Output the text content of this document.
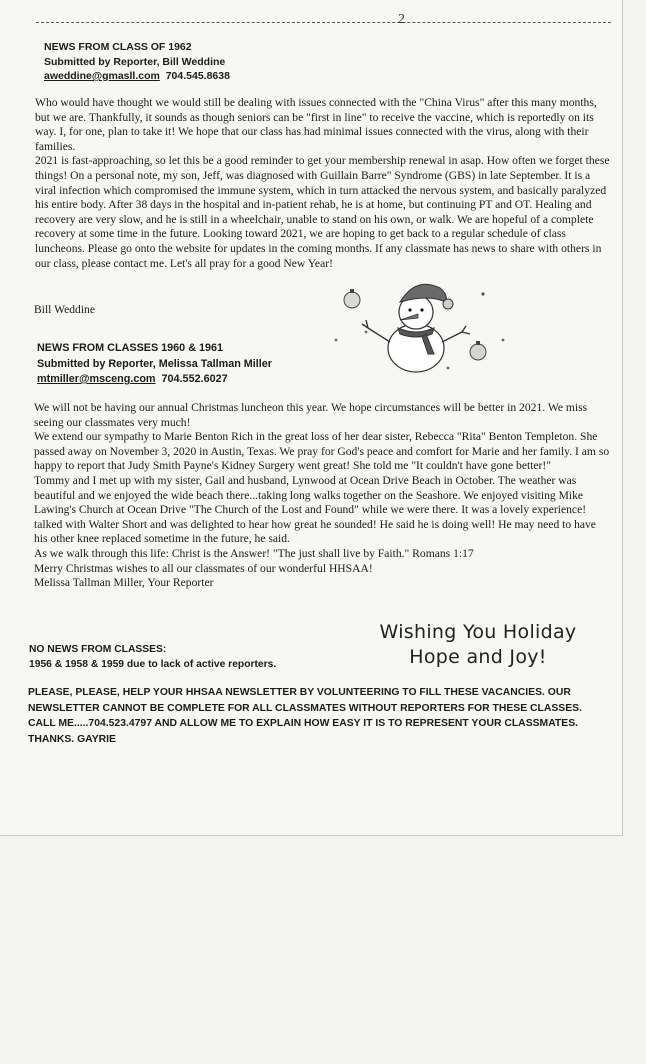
2
NEWS FROM CLASS OF 1962
Submitted by Reporter, Bill Weddine
aweddine@gmasll.com 704.545.8638

Who would have thought we would still be dealing with issues connected with the "China Virus" after this many months, but we are. Thankfully, it sounds as though seniors can be "first in line" to receive the vaccine, which is reportedly on its way. I, for one, plan to take it! We hope that our class has had minimal issues connected with the virus, along with their families.

2021 is fast-approaching, so let this be a good reminder to get your membership renewal in asap. How often we forget these things! On a personal note, my son, Jeff, was diagnosed with Guillain Barre" Syndrome (GBS) in late September. It is a viral infection which compromised the immune system, which in turn attacked the nervous system, and basically paralyzed his entire body. After 38 days in the hospital and in-patient rehab, he is at home, but continuing PT and OT. Healing and recovery are very slow, and he is still in a wheelchair, unable to stand on his own, or walk. We are hopeful of a complete recovery at some time in the future. Looking toward 2021, we are hoping to get back to a regular schedule of class luncheons. Please go onto the website for updates in the coming months. If any classmate has news to share with others in our class, please contact me. Let's all pray for a good New Year!

Bill Weddine
NEWS FROM CLASSES 1960 & 1961
Submitted by Reporter, Melissa Tallman Miller
mtmiller@msceng.com 704.552.6027

We will not be having our annual Christmas luncheon this year. We hope circumstances will be better in 2021. We miss seeing our classmates very much!

We extend our sympathy to Marie Benton Rich in the great loss of her dear sister, Rebecca "Rita" Benton Templeton. She passed away on November 3, 2020 in Austin, Texas. We pray for God's peace and comfort for Marie and her family. I am so happy to report that Judy Smith Payne's Kidney Surgery went great! She told me "It couldn't have gone better!"

Tommy and I met up with my sister, Gail and husband, Lynwood at Ocean Drive Beach in October. The weather was beautiful and we enjoyed the wide beach there...taking long walks together on the Seashore. We enjoyed visiting Mike Lawing's Church at Ocean Drive "The Church of the Lost and Found" while we were there. It was a lovely experience!

talked with Walter Short and was delighted to hear how great he sounded! He said he is doing well! He may need to have his other knee replaced sometime in the future, he said.

As we walk through this life: Christ is the Answer! "The just shall live by Faith." Romans 1:17

Merry Christmas wishes to all our classmates of our wonderful HHSAA!

Melissa Tallman Miller, Your Reporter

Wishing You Holiday
Hope and Joy!
NO NEWS FROM CLASSES:
1956 & 1958 & 1959 due to lack of active reporters.
PLEASE, PLEASE, HELP YOUR HHSAA NEWSLETTER BY VOLUNTEERING TO FILL THESE VACANCIES. OUR
NEWSLETTER CANNOT BE COMPLETE FOR ALL CLASSMATES WITHOUT REPORTERS FOR THESE CLASSES.
CALL ME.....704.523.4797 AND ALLOW ME TO EXPLAIN HOW EASY IT IS TO REPRESENT YOUR CLASSMATES.
THANKS. GAYRIE
